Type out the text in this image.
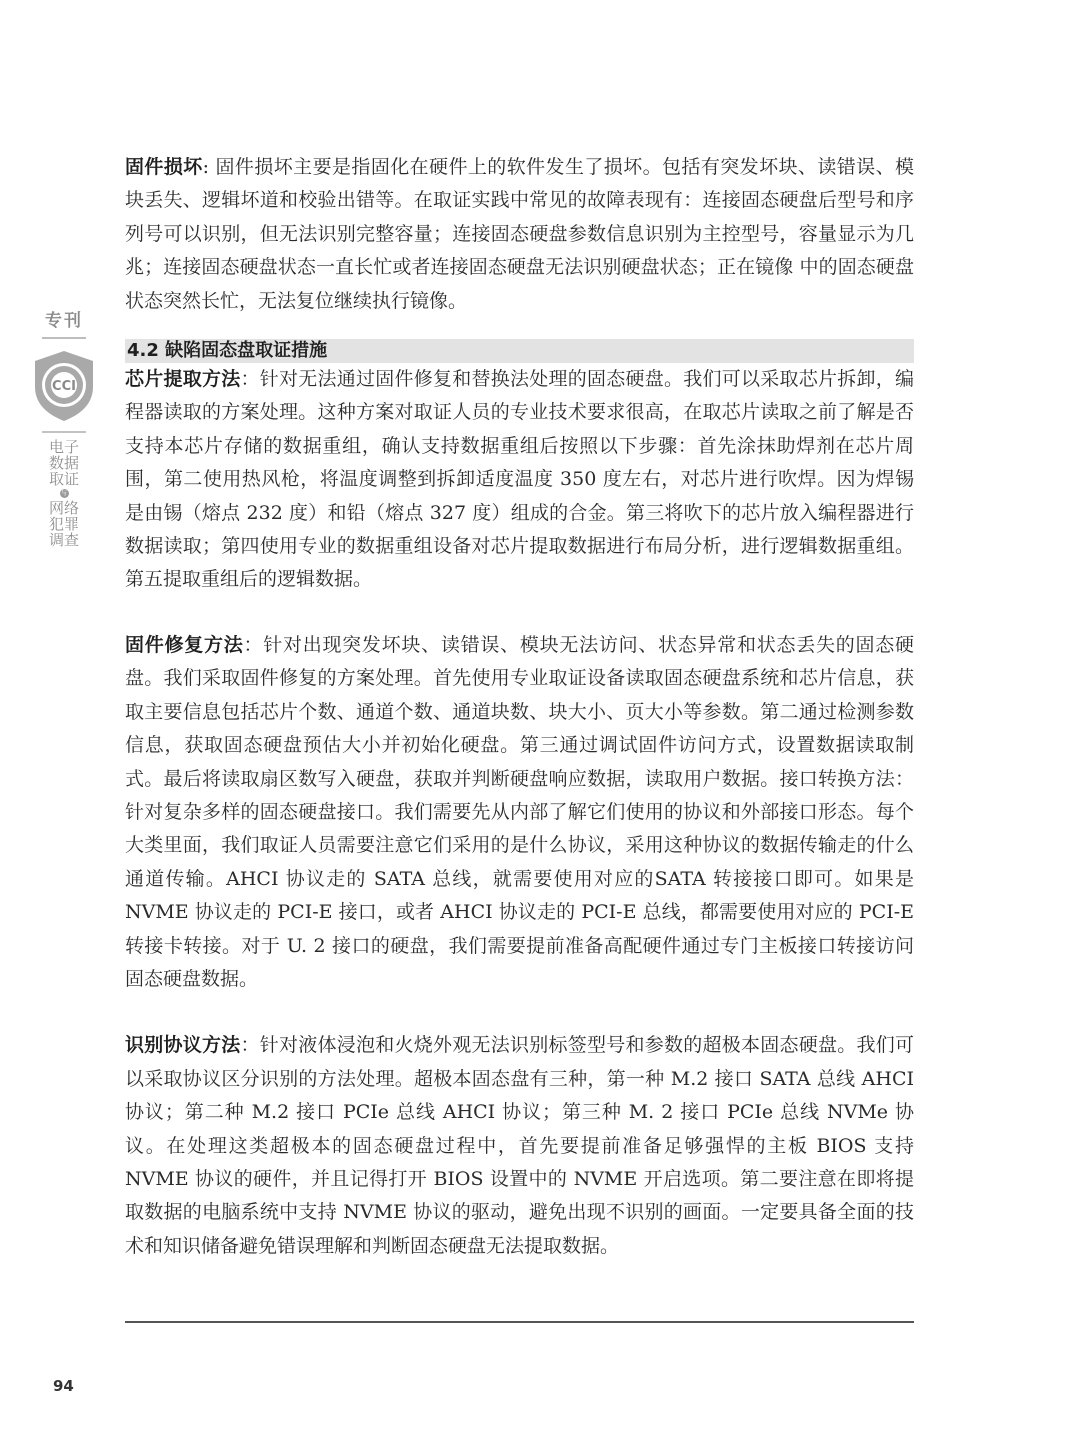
专刊
CCI
电子
数据
取证
与
网络
犯罪
调查

固件损坏: 固件损坏主要是指固化在硬件上的软件发生了损坏。包括有突发坏块、读错误、模块丢失、逻辑坏道和校验出错等。在取证实践中常见的故障表现有：连接固态硬盘后型号和序列号可以识别，但无法识别完整容量；连接固态硬盘参数信息识别为主控型号，容量显示为几兆；连接固态硬盘状态一直长忙或者连接固态硬盘无法识别硬盘状态；正在镜像 中的固态硬盘状态突然长忙，无法复位继续执行镜像。

4.2 缺陷固态盘取证措施

芯片提取方法：针对无法通过固件修复和替换法处理的固态硬盘。我们可以采取芯片拆卸，编程器读取的方案处理。这种方案对取证人员的专业技术要求很高，在取芯片读取之前了解是否支持本芯片存储的数据重组，确认支持数据重组后按照以下步骤：首先涂抹助焊剂在芯片周围，第二使用热风枪，将温度调整到拆卸适度温度 350 度左右，对芯片进行吹焊。因为焊锡是由锡（熔点 232 度）和铅（熔点 327 度）组成的合金。第三将吹下的芯片放入编程器进行数据读取；第四使用专业的数据重组设备对芯片提取数据进行布局分析，进行逻辑数据重组。第五提取重组后的逻辑数据。

固件修复方法：针对出现突发坏块、读错误、模块无法访问、状态异常和状态丢失的固态硬盘。我们采取固件修复的方案处理。首先使用专业取证设备读取固态硬盘系统和芯片信息，获取主要信息包括芯片个数、通道个数、通道块数、块大小、页大小等参数。第二通过检测参数信息，获取固态硬盘预估大小并初始化硬盘。第三通过调试固件访问方式，设置数据读取制式。最后将读取扇区数写入硬盘，获取并判断硬盘响应数据，读取用户数据。接口转换方法：针对复杂多样的固态硬盘接口。我们需要先从内部了解它们使用的协议和外部接口形态。每个大类里面，我们取证人员需要注意它们采用的是什么协议，采用这种协议的数据传输走的什么通道传输。AHCI 协议走的 SATA 总线，就需要使用对应的SATA 转接接口即可。如果是 NVME 协议走的 PCI-E 接口，或者 AHCI 协议走的 PCI-E 总线，都需要使用对应的 PCI-E 转接卡转接。对于 U. 2 接口的硬盘，我们需要提前准备高配硬件通过专门主板接口转接访问固态硬盘数据。

识别协议方法：针对液体浸泡和火烧外观无法识别标签型号和参数的超极本固态硬盘。我们可以采取协议区分识别的方法处理。超极本固态盘有三种，第一种 M.2 接口 SATA 总线 AHCI 协议；第二种 M.2 接口 PCIe 总线 AHCI 协议；第三种 M. 2 接口 PCIe 总线 NVMe 协议。在处理这类超极本的固态硬盘过程中，首先要提前准备足够强悍的主板 BIOS 支持 NVME 协议的硬件，并且记得打开 BIOS 设置中的 NVME 开启选项。第二要注意在即将提取数据的电脑系统中支持 NVME 协议的驱动，避免出现不识别的画面。一定要具备全面的技术和知识储备避免错误理解和判断固态硬盘无法提取数据。

94
